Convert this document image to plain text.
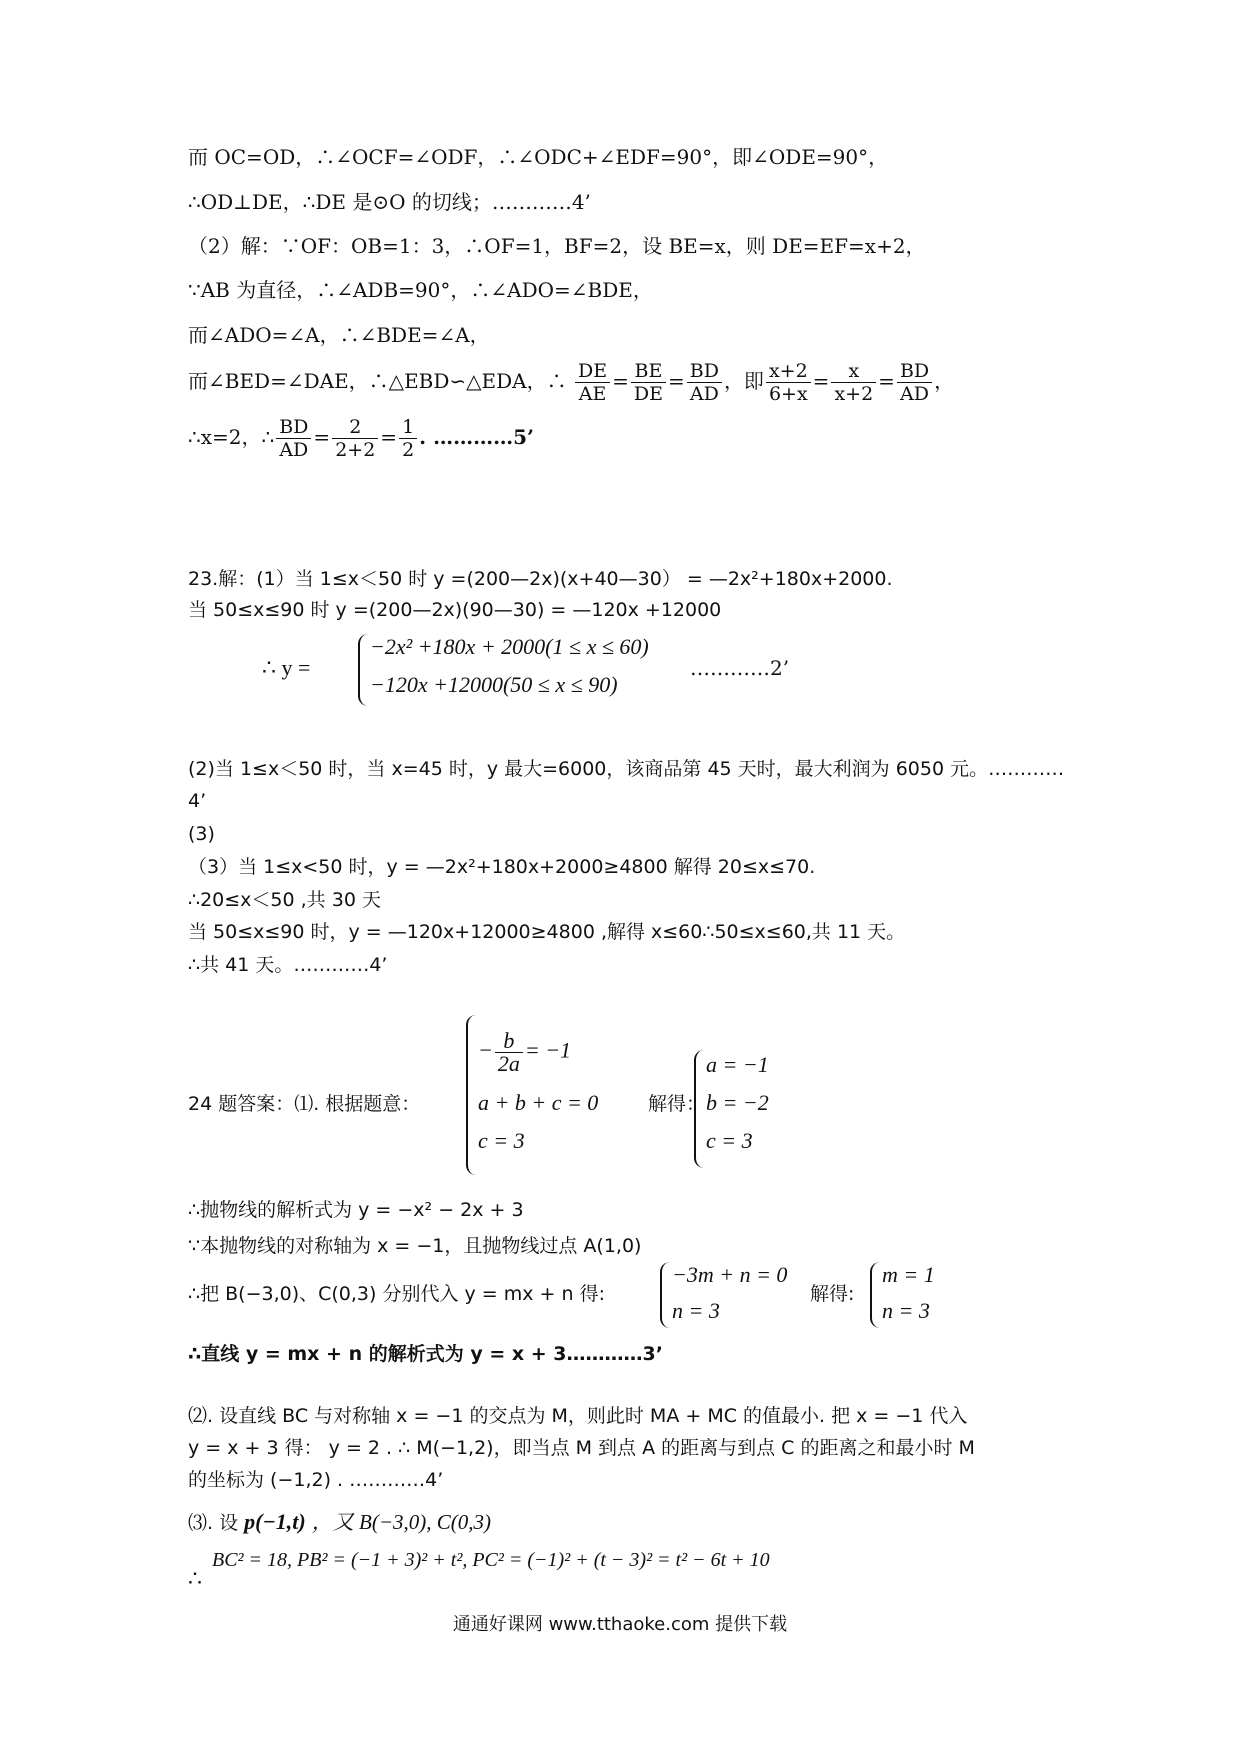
而 OC=OD，∴∠OCF=∠ODF，∴∠ODC+∠EDF=90°，即∠ODE=90°，
∴OD⊥DE，∴DE 是⊙O 的切线；…………4’
（2）解：∵OF：OB=1：3，∴OF=1，BF=2，设 BE=x，则 DE=EF=x+2，
∵AB 为直径，∴∠ADB=90°，∴∠ADO=∠BDE，
而∠ADO=∠A，∴∠BDE=∠A，
而∠BED=∠DAE，∴△EBD∽△EDA，∴ $\frac{DE}{AE} = \frac{BE}{DE} = \frac{BD}{AD}$ ，即 $\frac{x+2}{6+x} = \frac{x}{x+2} = \frac{BD}{AD}$ ，
∴x=2，∴ $\frac{BD}{AD} = \frac{2}{2+2} = \frac{1}{2}$ . …………5’
23.解：(1）当 1≤x＜50 时 y =(200—2x)(x+40—30） = —2x²+180x+2000.
当 50≤x≤90 时 y =(200—2x)(90—30) = —120x +12000
∴ y =
−2x² +180x + 2000(1 ≤ x ≤ 60)
−120x +12000(50 ≤ x ≤ 90)
…………2’
(2)当 1≤x＜50 时，当 x=45 时，y 最大=6000，该商品第 45 天时，最大利润为 6050 元。…………
4’
(3)
（3）当 1≤x<50 时，y = —2x²+180x+2000≥4800 解得 20≤x≤70.
∴20≤x＜50 ,共 30 天
当 50≤x≤90 时，y = —120x+12000≥4800 ,解得 x≤60∴50≤x≤60,共 11 天。
∴共 41 天。…………4’
24 题答案：⑴. 根据题意：
− $\frac{b}{2a} = -1$
a + b + c = 0
c = 3
解得：
a = −1
b = −2
c = 3
∴抛物线的解析式为 y = −x² − 2x + 3
∵本抛物线的对称轴为 x = −1，且抛物线过点 A(1,0)
∴把 B(−3,0)、C(0,3) 分别代入 y = mx + n 得:
−3m + n = 0
n = 3
解得:
m = 1
n = 3
∴直线 y = mx + n 的解析式为 y = x + 3…………3’
⑵. 设直线 BC 与对称轴 x = −1 的交点为 M，则此时 MA + MC 的值最小. 把 x = −1 代入
y = x + 3 得： y = 2 . ∴ M(−1,2)，即当点 M 到点 A 的距离与到点 C 的距离之和最小时 M
的坐标为 (−1,2) . …………4’
⑶. 设 p(−1,t) ，又 B(−3,0), C(0,3)
BC² = 18, PB² = (−1 + 3)² + t², PC² = (−1)² + (t − 3)² = t² − 6t + 10
∴
通通好课网 www.tthaoke.com 提供下载
